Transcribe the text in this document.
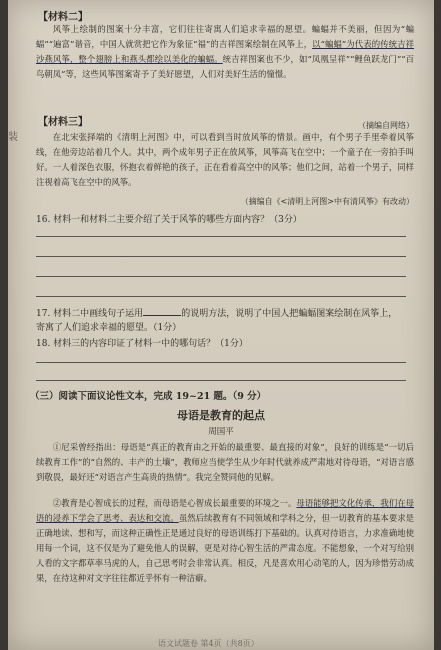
【材料二】
风筝上绘制的图案十分丰富，它们往往寄寓人们追求幸福的愿望。蝙蝠并不美丽，但因为“蝙蝠”“遍富”谐音，中国人就赏把它作为象征“福”的吉祥图案绘制在风筝上，以“蝙蝠”为代表的传统吉祥沙燕风筝，整个翅膀上和燕头都绘以美化的蝙蝠。统吉祥图案也不少，如“凤凰呈祥”“鲤鱼跃龙门”“百鸟朝凤”等，这些风筝图案寄予了美好愿望，人们对美好生活的憧憬。
装
（摘编自网络）
【材料三】
在北宋张择端的《清明上河图》中，可以看到当时放风筝的情景。画中，有个男子手里牵着风筝线，在他旁边站着几个人。其中，两个成年男子正在放风筝，风筝高飞在空中；一个童子在一旁拍手叫好。一人着深色衣服，怀抱衣着鲜艳的孩子，正在看着高空中的风筝；他们之间，站着一个男子，同样注视着高飞在空中的风筝。
（摘编自《<清明上河图>中有清风筝》有改动）
16. 材料一和材料二主要介绍了关于风筝的哪些方面内容？（3分）
17. 材料二中画线句子运用	的说明方法，说明了中国人把蝙蝠图案绘制在风筝上，
寄寓了人们追求幸福的愿望。（1分）
18. 材料三的内容印证了材料一中的哪句话？（1分）
（三）阅读下面议论性文本，完成 19~21 题。（9 分）
母语是教育的起点
周国平
①尼采曾经指出：母语是“真正的教育由之开始的最重要、最直接的对象”，良好的训练是“一切后续教育工作”的“自然的、丰产的土壤”，教师应当使学生从少年时代就养成严肃地对待母语，“对语言感到敬畏，最好还“对语言产生高贵的热情”。我完全赞同他的见解。
②教育是心智成长的过程，而母语是心智成长最重要的环境之一。母语能够把文化传承，我们在母语的浸养下学会了思考、表达和交流。虽然后续教育有不同领域和学科之分，但一切教育的基本要求是正确地读、想和写，而这种正确性正是通过良好的母语训练打下基础的。认真对待语言，力求准确地使用每一个词，这不仅是为了避免他人的误解，更是对待心智生活的严肃态度。不能想象，一个对写给别人看的文字都草率马虎的人，自己思考时会非常认真。相反，凡是喜欢用心动笔的人，因为珍惜劳动成果，在待这种对文字往往都近乎怀有一种洁癖。
语文试题卷 第4页（共8页）
